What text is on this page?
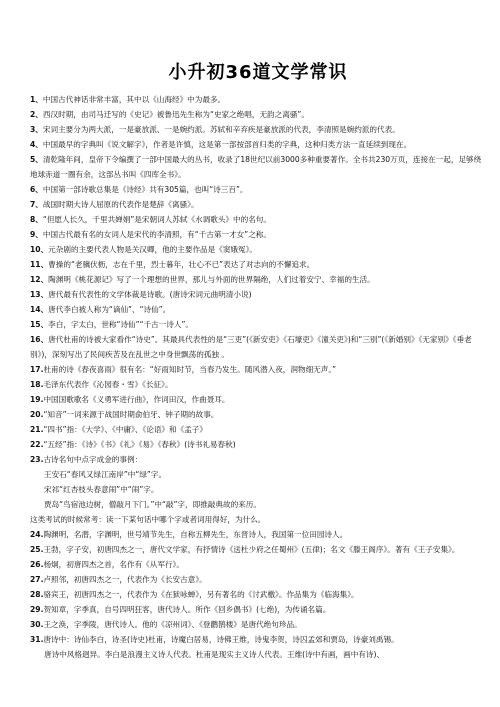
小升初36道文学常识

1、中国古代神话非常丰富，其中以《山海经》中为最多。

2、西汉时期，由司马迁写的《史记》被鲁迅先生称为“史家之绝唱，无韵之离骚”。

3、宋词主要分为两大派，一是豪放派、一是婉约派。苏轼和辛弃疾是豪放派的代表，李清照是婉约派的代表。

4、中国最早的字典叫《说文解字》，作者是许慎，这是第一部按部首归类的字典，这种归类方法一直延续到现在。

5、清乾隆年间，皇帝下令编撰了一部中国最大的丛书，收录了18世纪以前3000多种重要著作。全书共230万页，连接在一起，足够绕地球赤道一圈有余，这部丛书叫《四库全书》。

6、中国第一部诗歌总集是《诗经》共有305篇，也叫“诗三百”。

7、战国时期大诗人屈原的代表作是楚辞《离骚》。

8、“但愿人长久，千里共婵娟”是宋朝词人苏轼《水调歌头》中的名句。

9、中国古代最有名的女词人是宋代的李清照，有“千古第一才女”之称。

10、元杂剧的主要代表人物是关汉卿，他的主要作品是《窦娥冤》。

11、曹操的“老骥伏枥，志在千里，烈士暮年，壮心不已”表达了对志向的不懈追求。

12、陶渊明《桃花源记》写了一个理想的世界，那儿与外面的世界隔绝，人们过着安宁、幸福的生活。

13、唐代最有代表性的文学体裁是诗歌。(唐诗宋词元曲明清小说)

14、唐代李白被人称为“谪仙”、“诗仙”。

15、李白，字太白，世称“诗仙”“千古一诗人”。

16、唐代杜甫的诗被大家看作“诗史”。其最具代表性的是“三吏”(《新安吏》《石壕吏》《潼关吏》)和“三别”(《新婚别》《无家别》《垂老别》)，深刻写出了民间疾苦及在乱世之中身世飘荡的孤独 。

17.杜甫的诗《春夜喜雨》很有名：“好雨知时节，当春乃发生。随风潜入夜，润物细无声。”

18.毛泽东代表作《沁园春・雪》《长征》。

19.中国国歌歌名《义勇军进行曲》，作词田汉，作曲聂耳。

20.“知音”一词来源于战国时期俞伯牙、钟子期的故事。

21.“四书”指：《大学》、《中庸》、《论语》和《孟子》

22.“五经”指：《诗》《书》《礼》《易》《春秋》(诗书礼易春秋)

23.古诗名句中点字成金的事例：

王安石“春风又绿江南岸”中“绿”字。

宋祁“红杏枝头春意闹”中“闹”字。

贾岛“鸟宿池边树，僧敲月下门。”中“敲”字，即推敲典故的来历。

这类考试的时候常考：读一下某句话中哪个字或者词用得好，为什么。

24.陶渊明，名潜，字渊明，世号靖节先生，自称五柳先生，东晋诗人，我国第一位田园诗人。

25.王勃，字子安，初唐四杰之一，唐代文学家，有抒情诗《送杜少府之任蜀州》(五律)；名文《滕王阁序》。著有《王子安集》。

26.杨炯，初唐四杰之首，名作有《从军行》。

27.卢照邻，初唐四杰之一，代表作为《长安古意》。

28.骆宾王，初唐四杰之一，代表作为《在狱咏蝉》，另有著名的《讨武檄》。作品集为《临海集》。

29.贺知章，字季真，自号四明狂客，唐代诗人。所作《回乡偶书》(七绝)，为传诵名篇。

30.王之涣，字季陵，唐代诗人。他的《凉州词》、《登鹳鹊楼》是唐代绝句珍品。

31.唐诗中：诗仙李白，诗圣(诗史)杜甫，诗魔白居易，诗佛王维，诗鬼李贺，诗囚孟郊和贾岛，诗豪刘禹锡。

唐诗中风格迥异。李白是浪漫主义诗人代表。杜甫是现实主义诗人代表。王维(诗中有画，画中有诗)、
